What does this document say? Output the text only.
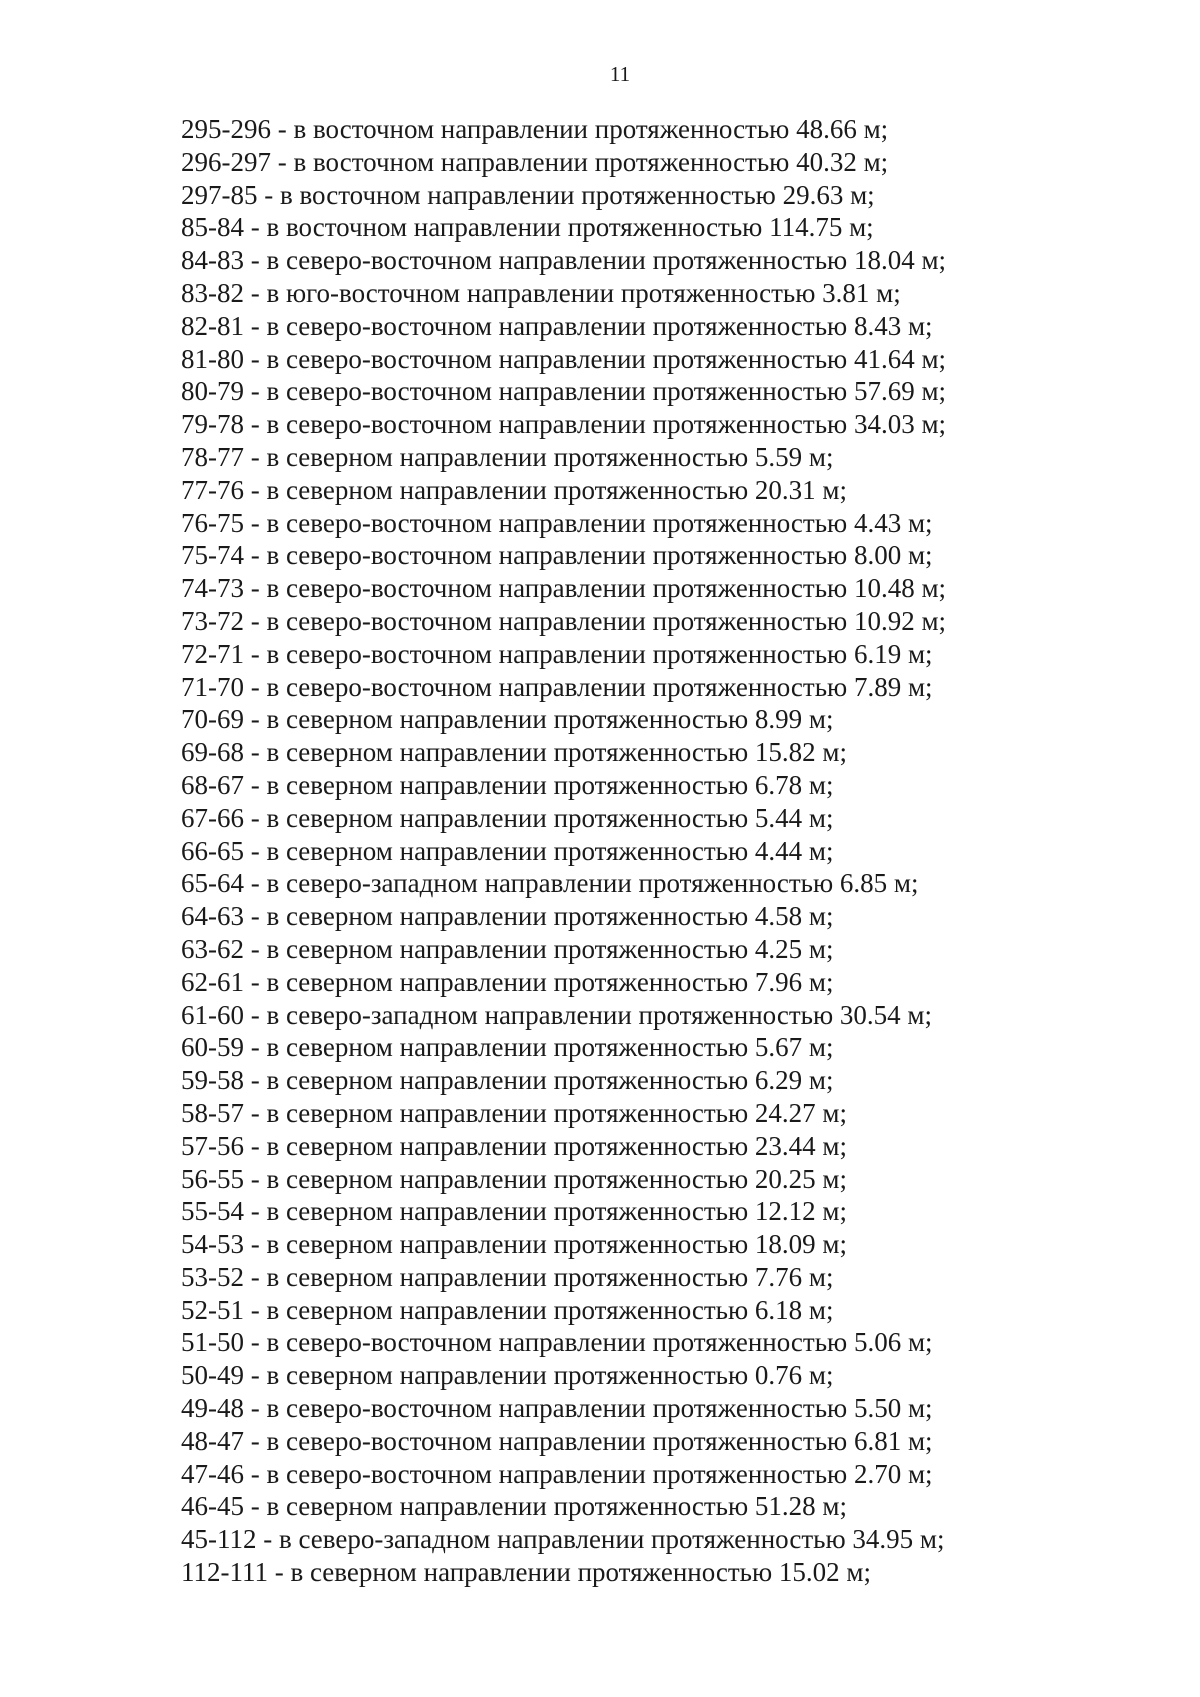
11
295-296 - в восточном направлении протяженностью 48.66 м;
296-297 - в восточном направлении протяженностью 40.32 м;
297-85 - в восточном направлении протяженностью 29.63 м;
85-84 - в восточном направлении протяженностью 114.75 м;
84-83 - в северо-восточном направлении протяженностью 18.04 м;
83-82 - в юго-восточном направлении протяженностью 3.81 м;
82-81 - в северо-восточном направлении протяженностью 8.43 м;
81-80 - в северо-восточном направлении протяженностью 41.64 м;
80-79 - в северо-восточном направлении протяженностью 57.69 м;
79-78 - в северо-восточном направлении протяженностью 34.03 м;
78-77 - в северном направлении протяженностью 5.59 м;
77-76 - в северном направлении протяженностью 20.31 м;
76-75 - в северо-восточном направлении протяженностью 4.43 м;
75-74 - в северо-восточном направлении протяженностью 8.00 м;
74-73 - в северо-восточном направлении протяженностью 10.48 м;
73-72 - в северо-восточном направлении протяженностью 10.92 м;
72-71 - в северо-восточном направлении протяженностью 6.19 м;
71-70 - в северо-восточном направлении протяженностью 7.89 м;
70-69 - в северном направлении протяженностью 8.99 м;
69-68 - в северном направлении протяженностью 15.82 м;
68-67 - в северном направлении протяженностью 6.78 м;
67-66 - в северном направлении протяженностью 5.44 м;
66-65 - в северном направлении протяженностью 4.44 м;
65-64 - в северо-западном направлении протяженностью 6.85 м;
64-63 - в северном направлении протяженностью 4.58 м;
63-62 - в северном направлении протяженностью 4.25 м;
62-61 - в северном направлении протяженностью 7.96 м;
61-60 - в северо-западном направлении протяженностью 30.54 м;
60-59 - в северном направлении протяженностью 5.67 м;
59-58 - в северном направлении протяженностью 6.29 м;
58-57 - в северном направлении протяженностью 24.27 м;
57-56 - в северном направлении протяженностью 23.44 м;
56-55 - в северном направлении протяженностью 20.25 м;
55-54 - в северном направлении протяженностью 12.12 м;
54-53 - в северном направлении протяженностью 18.09 м;
53-52 - в северном направлении протяженностью 7.76 м;
52-51 - в северном направлении протяженностью 6.18 м;
51-50 - в северо-восточном направлении протяженностью 5.06 м;
50-49 - в северном направлении протяженностью 0.76 м;
49-48 - в северо-восточном направлении протяженностью 5.50 м;
48-47 - в северо-восточном направлении протяженностью 6.81 м;
47-46 - в северо-восточном направлении протяженностью 2.70 м;
46-45 - в северном направлении протяженностью 51.28 м;
45-112 - в северо-западном направлении протяженностью 34.95 м;
112-111 - в северном направлении протяженностью 15.02 м;
